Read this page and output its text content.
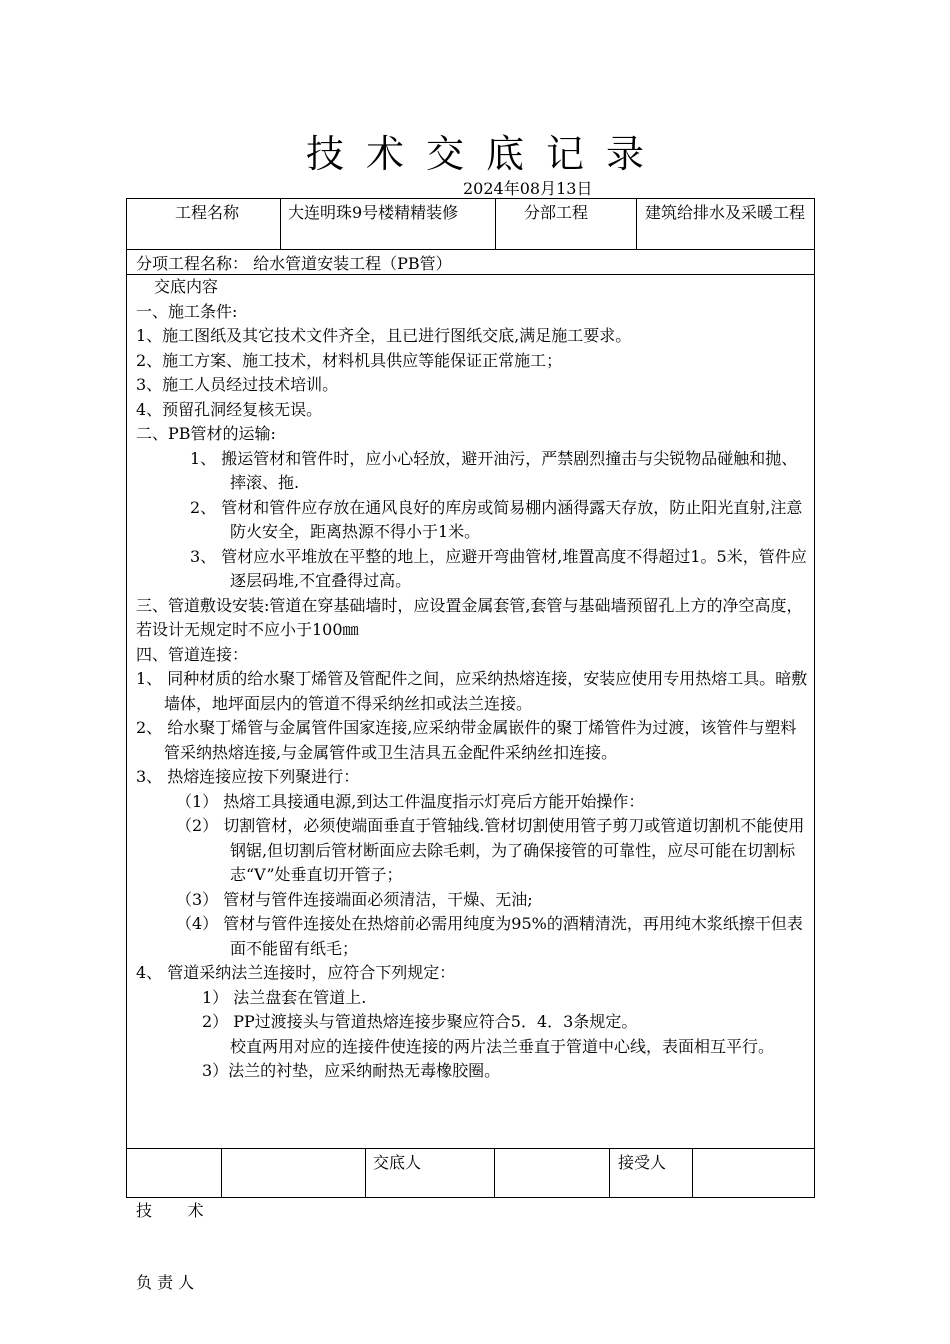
技术交底记录
2024年08月13日
工程名称	大连明珠9号楼精精装修	分部工程	建筑给排水及采暖工程
分项工程名称： 给水管道安装工程（PB管）

交底内容

一、施工条件:

1、施工图纸及其它技术文件齐全，且已进行图纸交底,满足施工要求。

2、施工方案、施工技术，材料机具供应等能保证正常施工；

3、施工人员经过技术培训。

4、预留孔洞经复核无误。

二、PB管材的运输:

1、 搬运管材和管件时，应小心轻放，避开油污，严禁剧烈撞击与尖锐物品碰触和抛、摔滚、拖.

2、 管材和管件应存放在通风良好的库房或简易棚内涵得露天存放，防止阳光直射,注意防火安全，距离热源不得小于1米。

3、 管材应水平堆放在平整的地上，应避开弯曲管材,堆置高度不得超过1。5米，管件应逐层码堆,不宜叠得过高。

三、管道敷设安装:管道在穿基础墙时，应设置金属套管,套管与基础墙预留孔上方的净空高度，若设计无规定时不应小于100㎜

四、管道连接：

1、 同种材质的给水聚丁烯管及管配件之间，应采纳热熔连接，安装应使用专用热熔工具。暗敷墙体，地坪面层内的管道不得采纳丝扣或法兰连接。

2、 给水聚丁烯管与金属管件国家连接,应采纳带金属嵌件的聚丁烯管件为过渡，该管件与塑料管采纳热熔连接,与金属管件或卫生洁具五金配件采纳丝扣连接。

3、 热熔连接应按下列聚进行：

（1） 热熔工具接通电源,到达工件温度指示灯亮后方能开始操作：

（2） 切割管材，必须使端面垂直于管轴线.管材切割使用管子剪刀或管道切割机不能使用钢锯,但切割后管材断面应去除毛刺，为了确保接管的可靠性，应尽可能在切割标志“V”处垂直切开管子；

（3） 管材与管件连接端面必须清洁，干燥、无油;

（4） 管材与管件连接处在热熔前必需用纯度为95%的酒精清洗，再用纯木浆纸擦干但表面不能留有纸毛；

4、 管道采纳法兰连接时，应符合下列规定：

1） 法兰盘套在管道上.

2） PP过渡接头与管道热熔连接步聚应符合5．4．3条规定。

校直两用对应的连接件使连接的两片法兰垂直于管道中心线，表面相互平行。

3）法兰的衬垫，应采纳耐热无毒橡胶圈。

技       术

负 责 人

交底人	接受人
